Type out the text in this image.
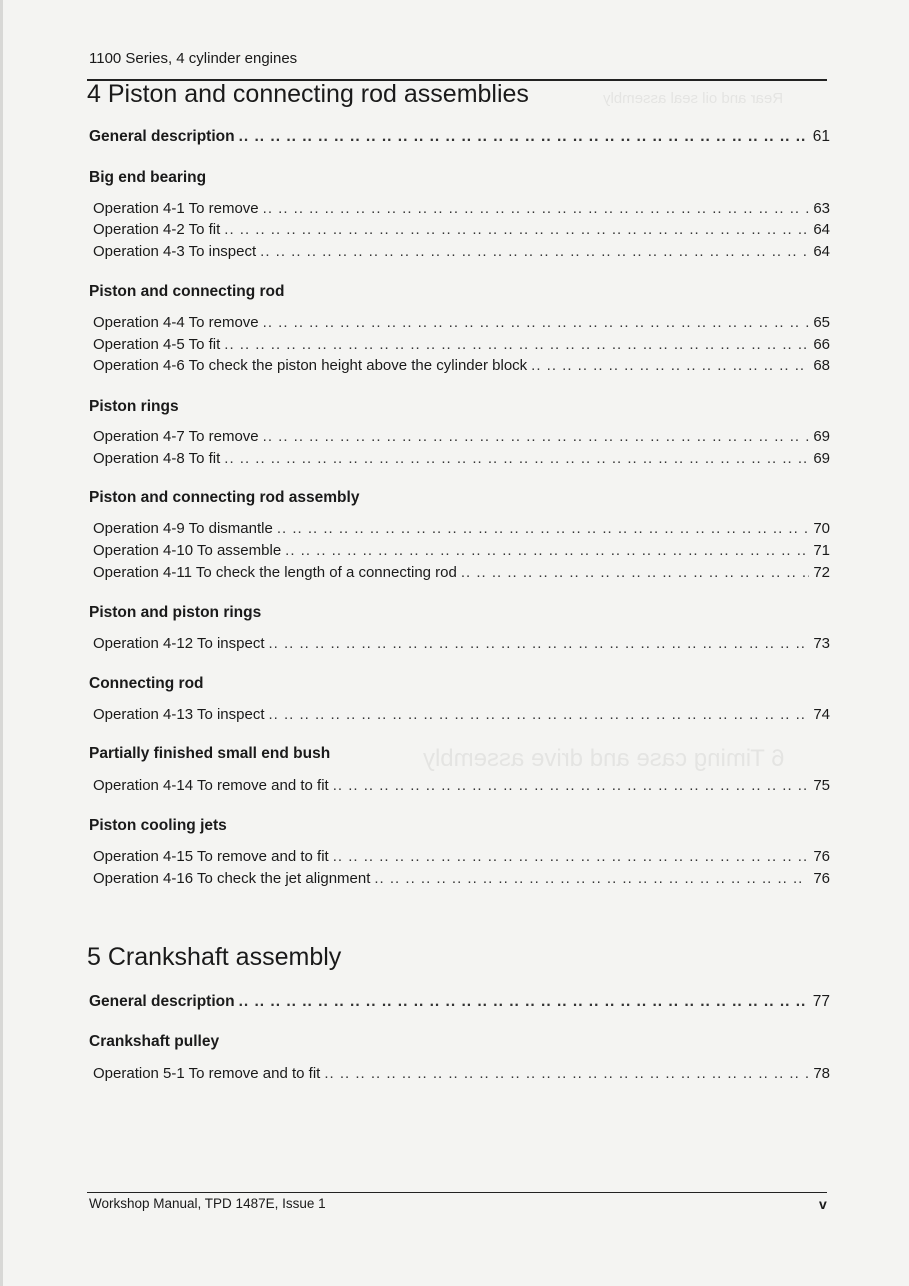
Rear and oil seal assembly
6 Timing case and drive assembly
1100 Series, 4 cylinder engines
4 Piston and connecting rod assemblies
General description .. ..	61
Big end bearing
Operation 4-1 To remove .. ..	63
Operation 4-2 To fit .. ..	64
Operation 4-3 To inspect .. ..	64
Piston and connecting rod
Operation 4-4 To remove .. ..	65
Operation 4-5 To fit .. ..	66
Operation 4-6 To check the piston height above the cylinder block .. ..	68
Piston rings
Operation 4-7 To remove .. ..	69
Operation 4-8 To fit .. ..	69
Piston and connecting rod assembly
Operation 4-9 To dismantle .. ..	70
Operation 4-10 To assemble .. ..	71
Operation 4-11 To check the length of a connecting rod .. ..	72
Piston and piston rings
Operation 4-12 To inspect .. ..	73
Connecting rod
Operation 4-13 To inspect .. ..	74
Partially finished small end bush
Operation 4-14 To remove and to fit .. ..	75
Piston cooling jets
Operation 4-15 To remove and to fit .. ..	76
Operation 4-16 To check the jet alignment .. ..	76
5 Crankshaft assembly
General description .. ..	77
Crankshaft pulley
Operation 5-1 To remove and to fit .. ..	78
Workshop Manual, TPD 1487E, Issue 1	v
